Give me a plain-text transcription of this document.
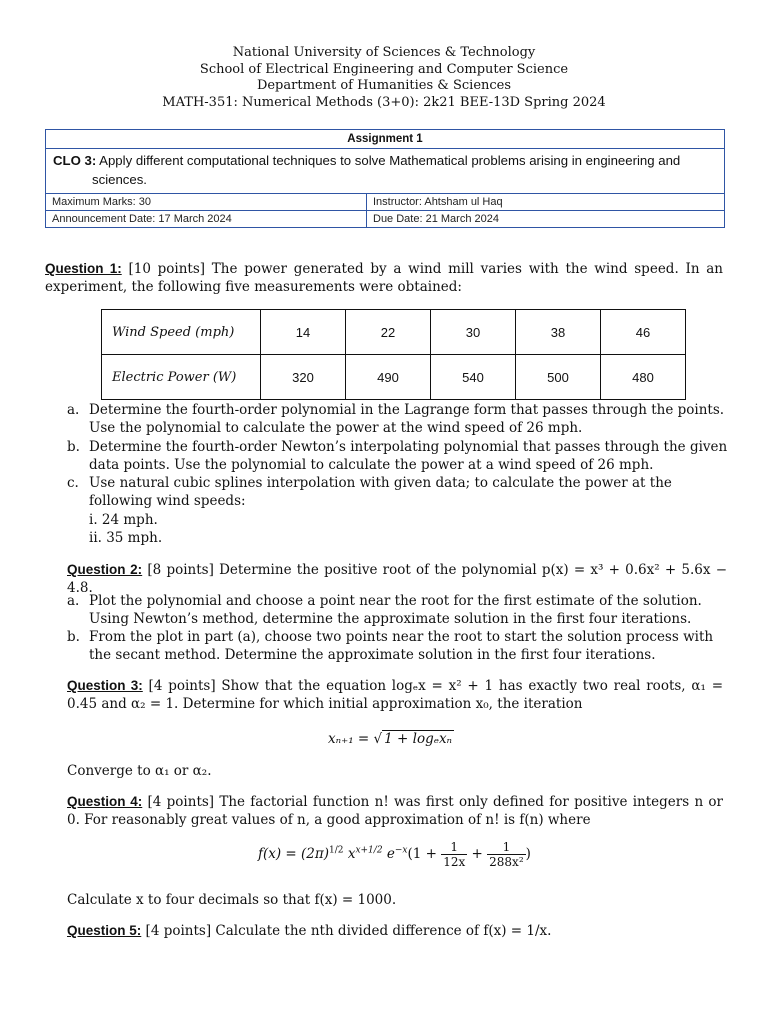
National University of Sciences & Technology
School of Electrical Engineering and Computer Science
Department of Humanities & Sciences
MATH-351: Numerical Methods (3+0): 2k21 BEE-13D Spring 2024
Assignment 1
CLO 3: Apply different computational techniques to solve Mathematical problems arising in engineering and sciences.
Maximum Marks: 30	Instructor: Ahtsham ul Haq
Announcement Date: 17 March 2024	Due Date: 21 March 2024
Question 1: [10 points] The power generated by a wind mill varies with the wind speed. In an experiment, the following five measurements were obtained:
Wind Speed (mph)	14	22	30	38	46
Electric Power (W)	320	490	540	500	480
a. Determine the fourth-order polynomial in the Lagrange form that passes through the points. Use the polynomial to calculate the power at the wind speed of 26 mph.
b. Determine the fourth-order Newton’s interpolating polynomial that passes through the given data points. Use the polynomial to calculate the power at a wind speed of 26 mph.
c. Use natural cubic splines interpolation with given data; to calculate the power at the following wind speeds:
i. 24 mph.
ii. 35 mph.
Question 2: [8 points] Determine the positive root of the polynomial p(x) = x³ + 0.6x² + 5.6x − 4.8.
a. Plot the polynomial and choose a point near the root for the first estimate of the solution. Using Newton’s method, determine the approximate solution in the first four iterations.
b. From the plot in part (a), choose two points near the root to start the solution process with the secant method. Determine the approximate solution in the first four iterations.
Question 3: [4 points] Show that the equation logₑx = x² + 1 has exactly two real roots, α₁ = 0.45 and α₂ = 1. Determine for which initial approximation x₀, the iteration
xₙ₊₁ = √ 1 + logₑxₙ
Converge to α₁ or α₂.
Question 4: [4 points] The factorial function n! was first only defined for positive integers n or 0. For reasonably great values of n, a good approximation of n! is f(n) where
$f(x) = (2\pi)^{1/2}$ $x^{x+1/2}$ $e^{-x}(1 + \frac{1}{12x} + \frac{1}{\text{288x²}}$ )
Calculate x to four decimals so that f(x) = 1000.
Question 5: [4 points] Calculate the nth divided difference of f(x) = 1/x.
